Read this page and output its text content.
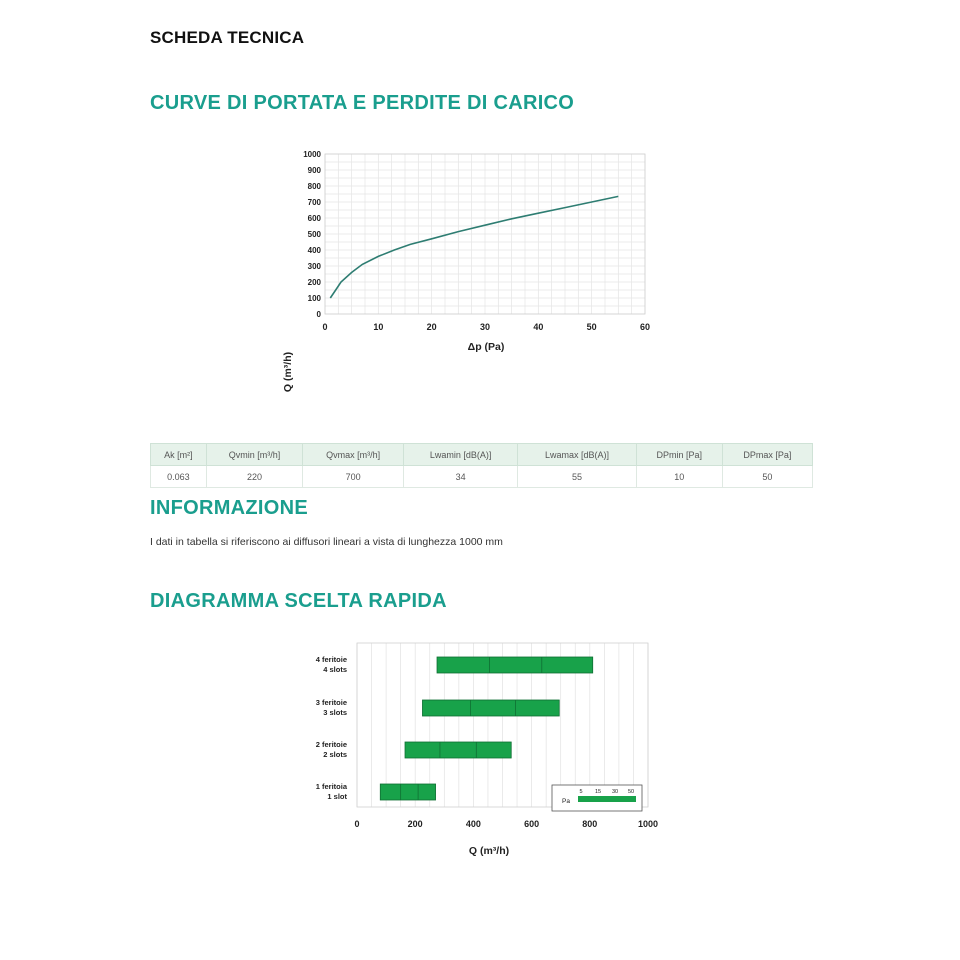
SCHEDA TECNICA
CURVE DI PORTATA E PERDITE DI CARICO
0	10	20	30	40	50	60
0
100
200
300
400
500
600
700
800
900
1000
Δp (Pa)
Q (m³/h)
Ak [m²]	Qvmin [m³/h]	Qvmax [m³/h]	Lwamin [dB(A)]	Lwamax [dB(A)]	DPmin [Pa]	DPmax [Pa]
0.063	220	700	34	55	10	50
INFORMAZIONE
I dati in tabella si riferiscono ai diffusori lineari a vista di lunghezza 1000 mm
DIAGRAMMA SCELTA RAPIDA
4 feritoie
4 slots
3 feritoie
3 slots
2 feritoie
2 slots
1 feritoia
1 slot
0	200	400	600	800	1000
Pa
5 15 30 50
Q (m³/h)
